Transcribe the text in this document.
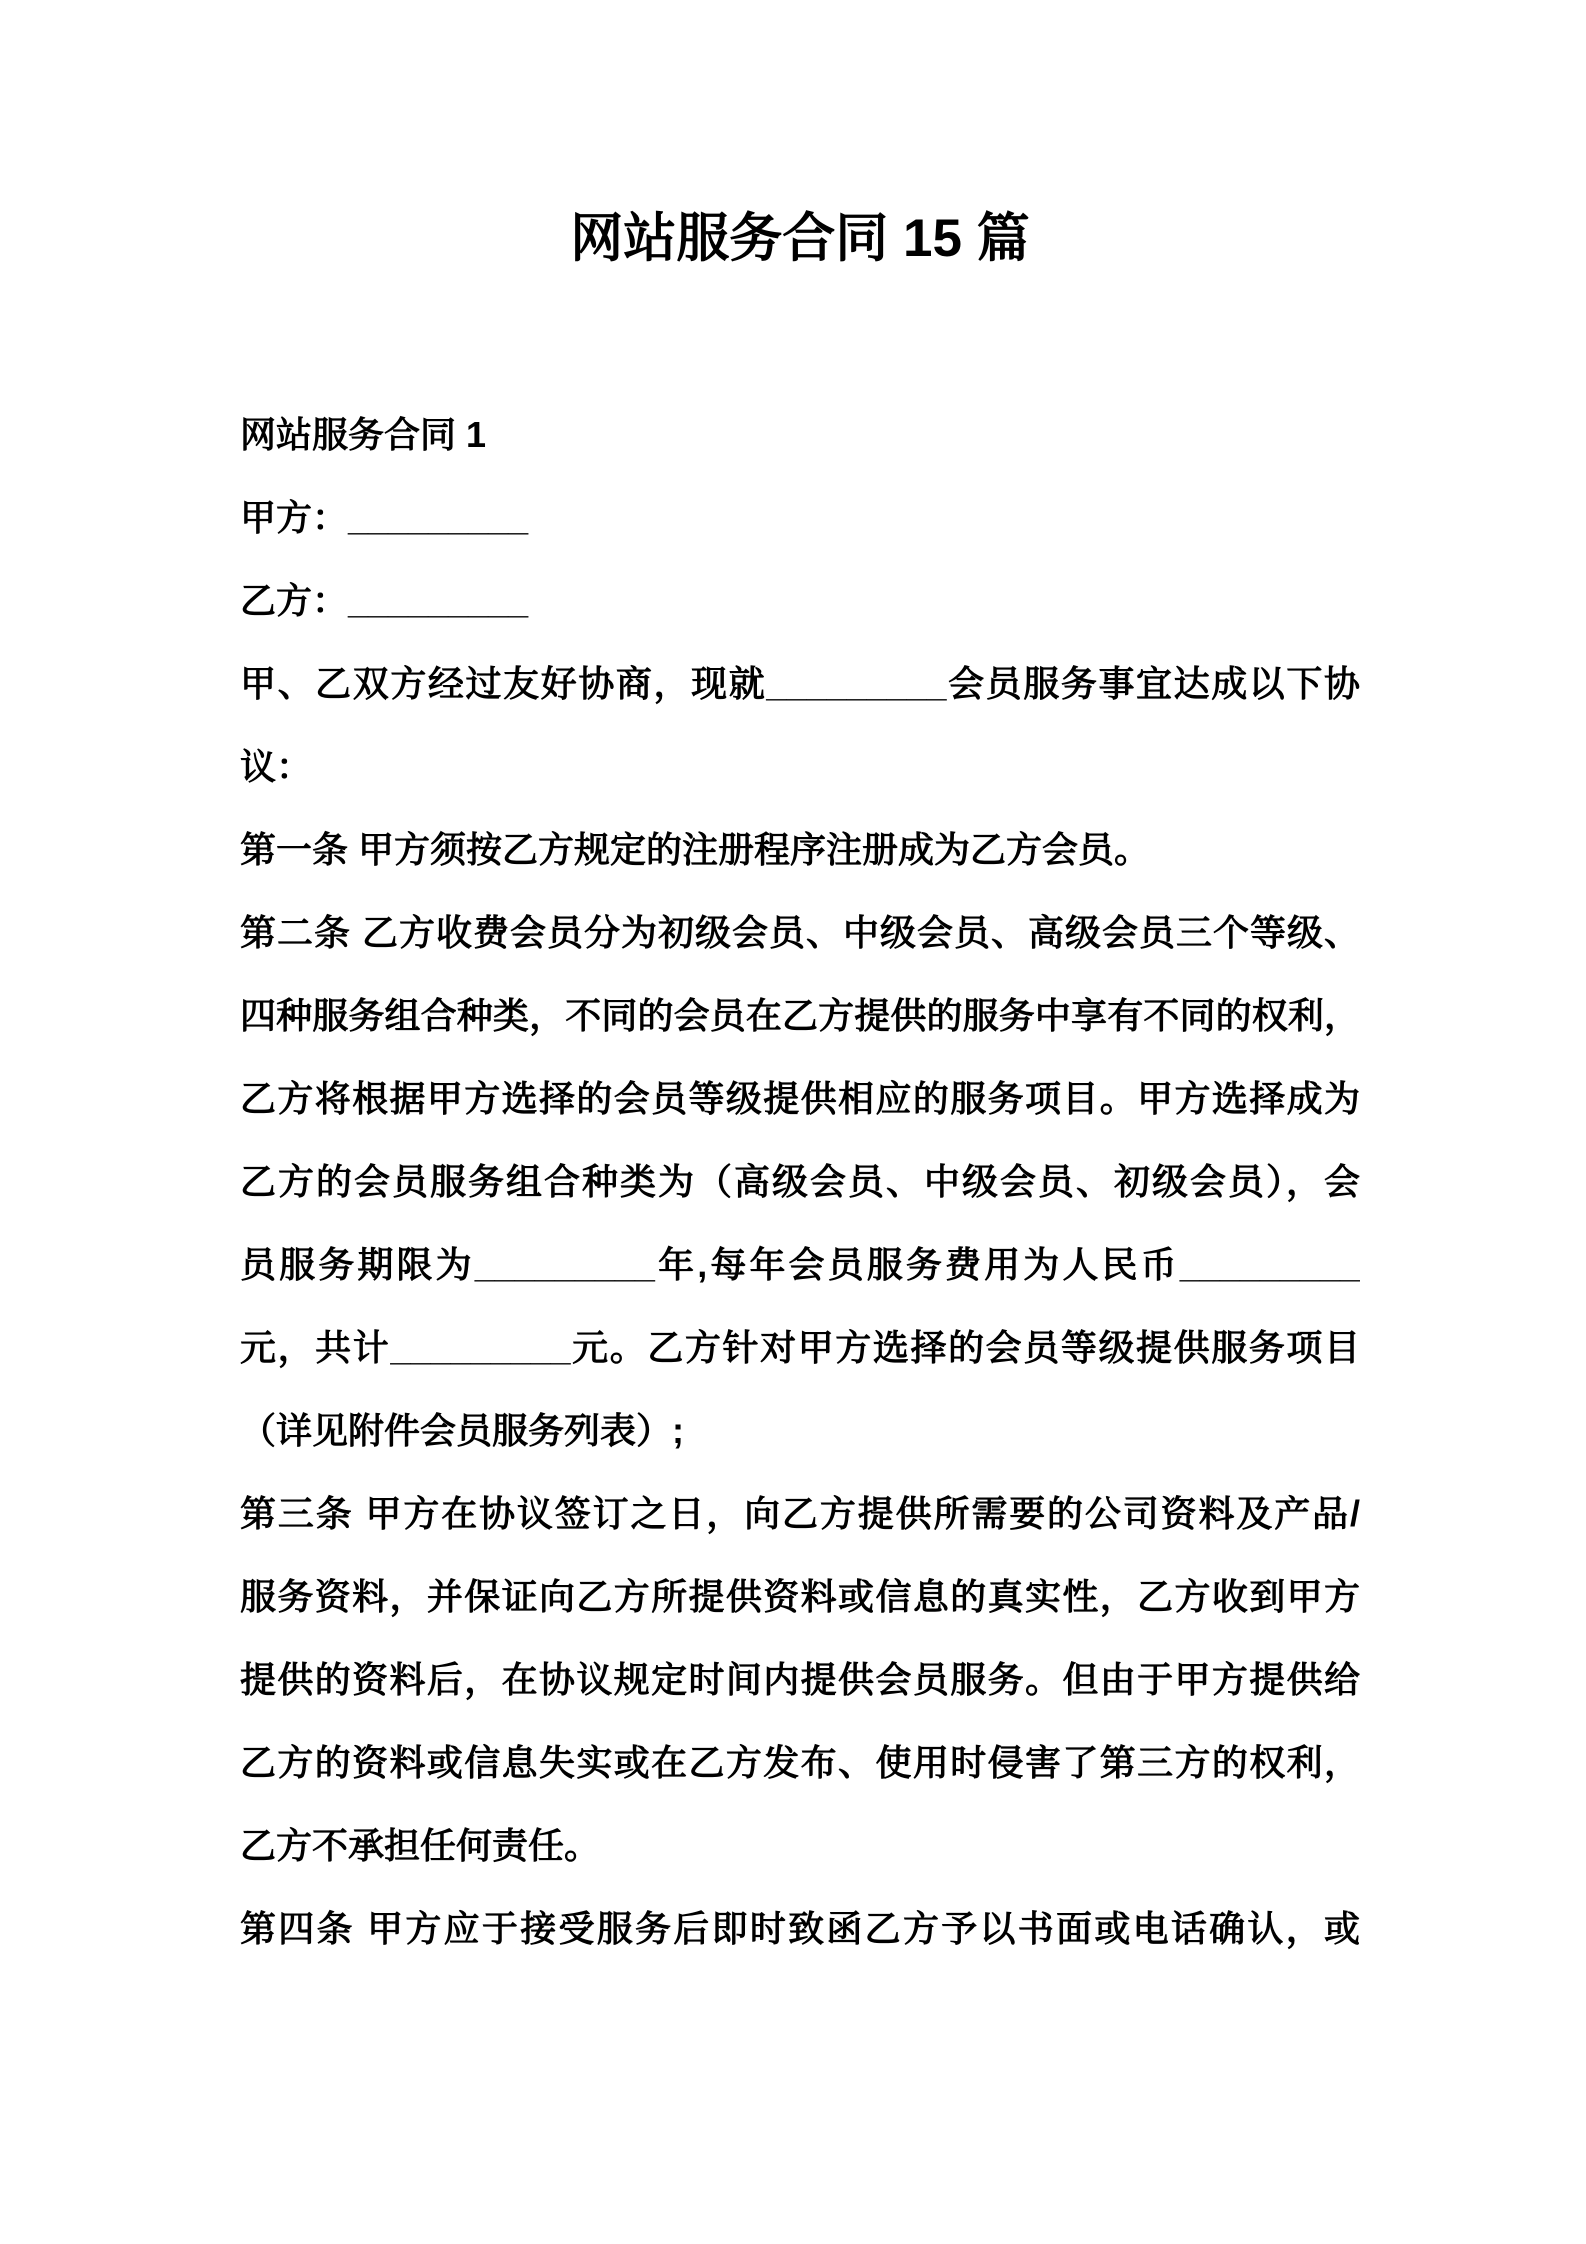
网站服务合同 15 篇
网站服务合同 1
甲方：_________
乙方：_________
甲、乙双方经过友好协商，现就_________会员服务事宜达成以下协
议：
第一条 甲方须按乙方规定的注册程序注册成为乙方会员。
第二条 乙方收费会员分为初级会员、中级会员、高级会员三个等级、
四种服务组合种类，不同的会员在乙方提供的服务中享有不同的权利，
乙方将根据甲方选择的会员等级提供相应的服务项目。甲方选择成为
乙方的会员服务组合种类为（高级会员、中级会员、初级会员），会
员服务期限为_________年,每年会员服务费用为人民币_________
元，共计_________元。乙方针对甲方选择的会员等级提供服务项目
（详见附件会员服务列表）;
第三条 甲方在协议签订之日，向乙方提供所需要的公司资料及产品/
服务资料，并保证向乙方所提供资料或信息的真实性，乙方收到甲方
提供的资料后，在协议规定时间内提供会员服务。但由于甲方提供给
乙方的资料或信息失实或在乙方发布、使用时侵害了第三方的权利，
乙方不承担任何责任。
第四条 甲方应于接受服务后即时致函乙方予以书面或电话确认，或
